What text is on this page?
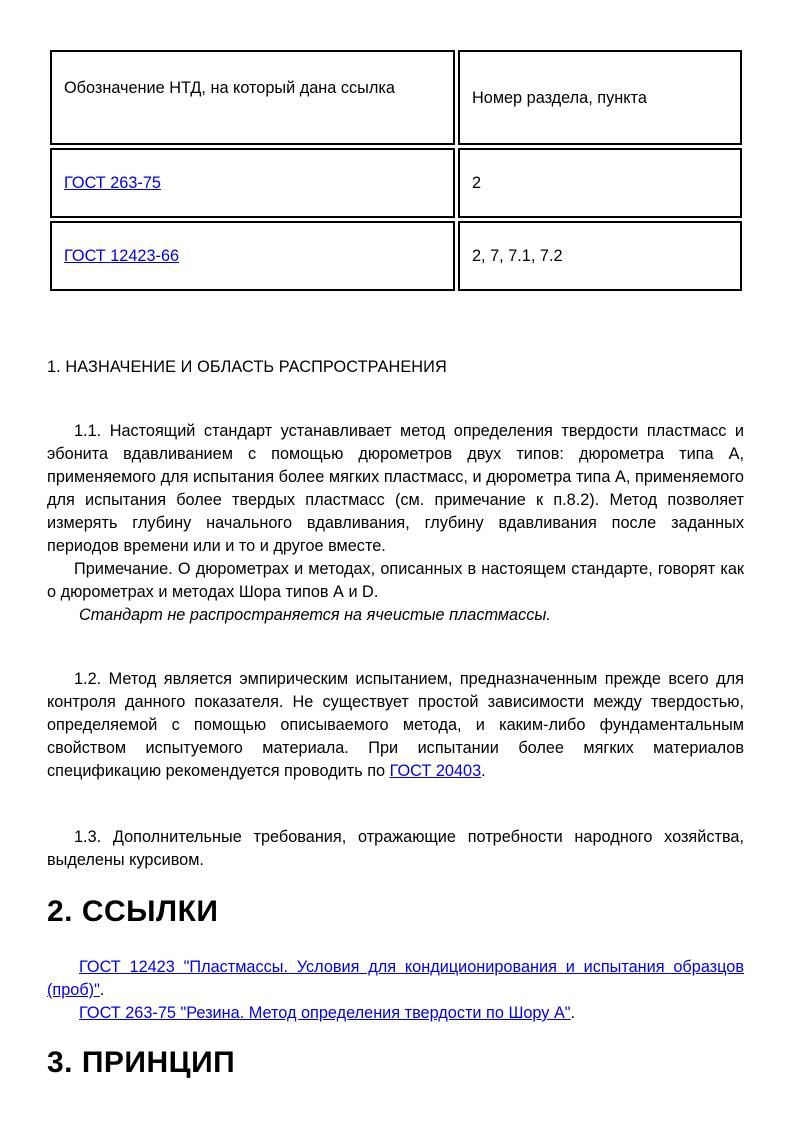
Обозначение НТД, на который дана ссылка
Номер раздела, пункта
ГОСТ 263-75	2
ГОСТ 12423-66	2, 7, 7.1, 7.2
1. НАЗНАЧЕНИЕ И ОБЛАСТЬ РАСПРОСТРАНЕНИЯ
1.1. Настоящий стандарт устанавливает метод определения твердости пластмасс и эбонита вдавливанием с помощью дюрометров двух типов: дюрометра типа А, применяемого для испытания более мягких пластмасс, и дюрометра типа А, применяемого для испытания более твердых пластмасс (см. примечание к п.8.2). Метод позволяет измерять глубину начального вдавливания, глубину вдавливания после заданных периодов времени или и то и другое вместе.
Примечание. О дюрометрах и методах, описанных в настоящем стандарте, говорят как о дюрометрах и методах Шора типов А и D.
Стандарт не распространяется на ячеистые пластмассы.
1.2. Метод является эмпирическим испытанием, предназначенным прежде всего для контроля данного показателя. Не существует простой зависимости между твердостью, определяемой с помощью описываемого метода, и каким-либо фундаментальным свойством испытуемого материала. При испытании более мягких материалов спецификацию рекомендуется проводить по ГОСТ 20403.
1.3. Дополнительные требования, отражающие потребности народного хозяйства, выделены курсивом.
2. ССЫЛКИ
ГОСТ 12423 "Пластмассы. Условия для кондиционирования и испытания образцов (проб)".
ГОСТ 263-75 "Резина. Метод определения твердости по Шору А".
3. ПРИНЦИП
